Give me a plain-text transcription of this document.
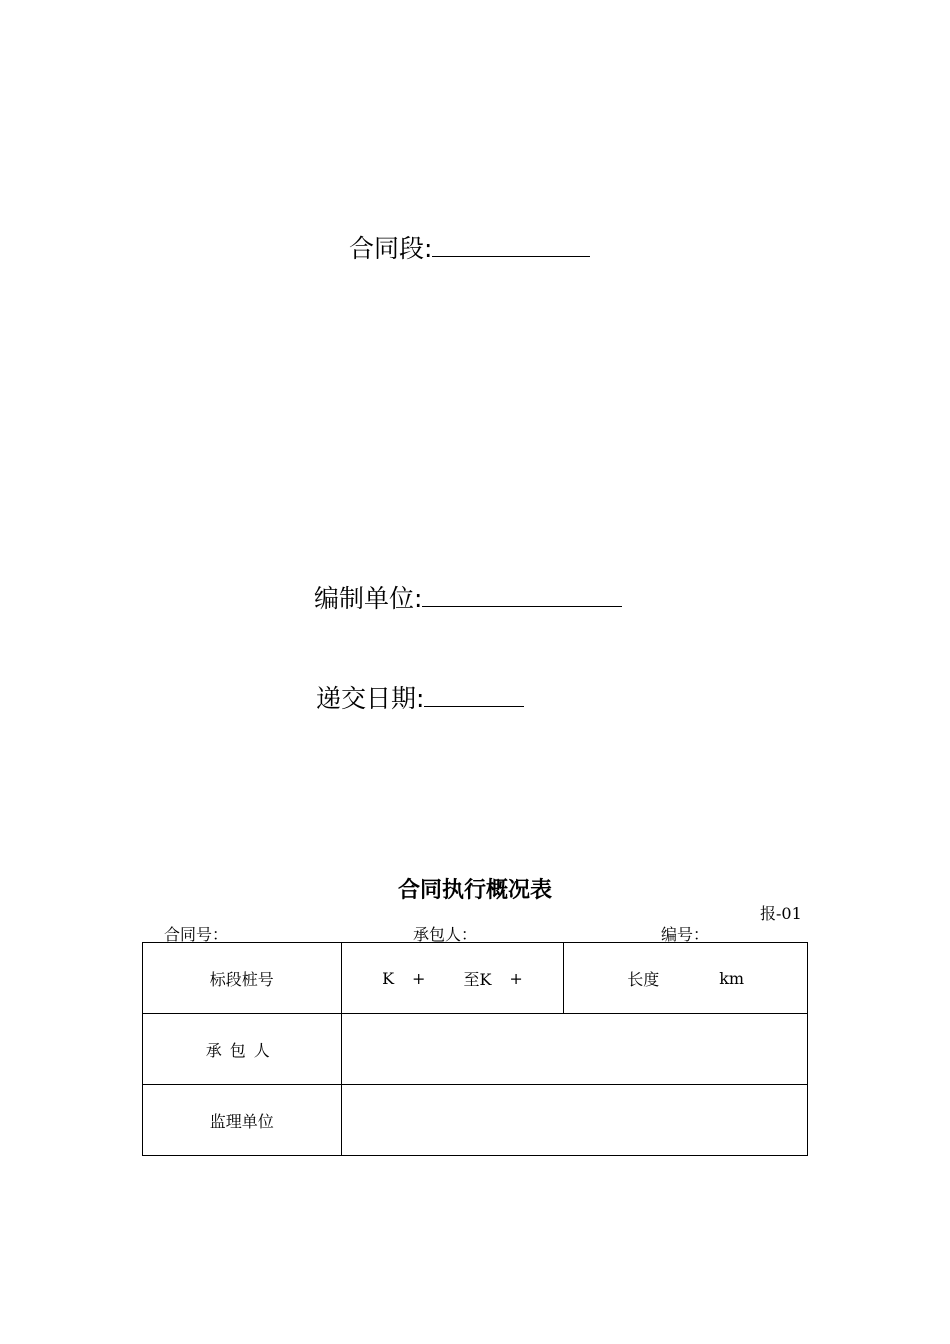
合同段:
编制单位:
递交日期:
合同执行概况表
报-01
合同号：	承包人：	编号：
标段桩号	K + 至K +	长度 km

承包人		
监理单位		
